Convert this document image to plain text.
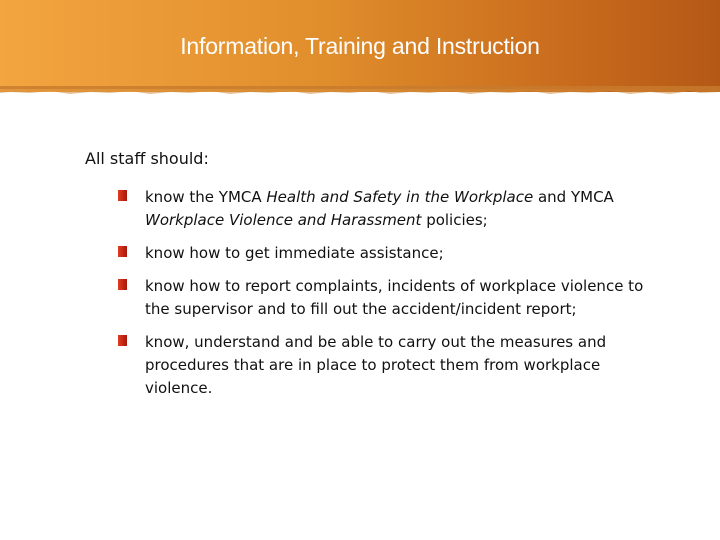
Information, Training and Instruction
All staff should:
know the YMCA Health and Safety in the Workplace and YMCA Workplace Violence and Harassment policies;
know how to get immediate assistance;
know how to report complaints, incidents of workplace violence to the supervisor and to fill out the accident/incident report;
know, understand and be able to carry out the measures and procedures that are in place to protect them from workplace violence.
